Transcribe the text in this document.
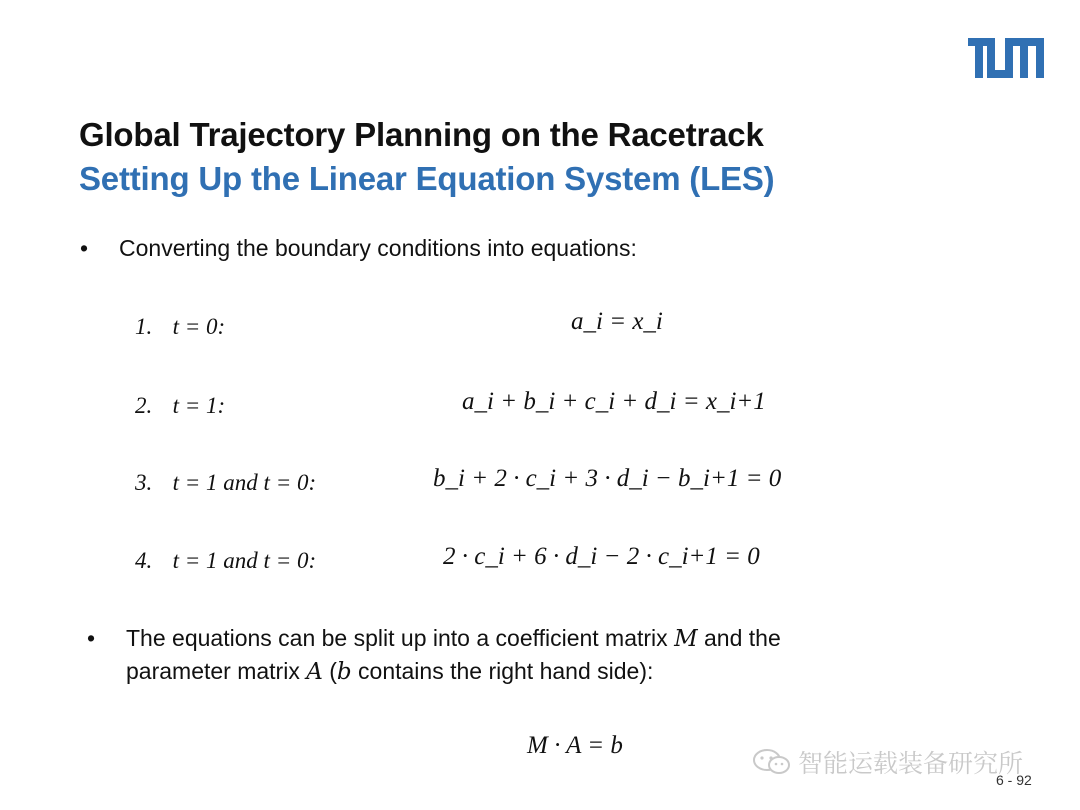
Global Trajectory Planning on the Racetrack
Setting Up the Linear Equation System (LES)
• Converting the boundary conditions into equations:
1. t = 0:
2. t = 1:
3. t = 1 and t = 0:
4. t = 1 and t = 0:
a_i = x_i
a_i + b_i + c_i + d_i = x_i+1
b_i + 2 · c_i + 3 · d_i − b_i+1 = 0
2 · c_i + 6 · d_i − 2 · c_i+1 = 0
• The equations can be split up into a coefficient matrix M and the
parameter matrix A (b contains the right hand side):
M · A = b
智能运载装备研究所
6 - 92
